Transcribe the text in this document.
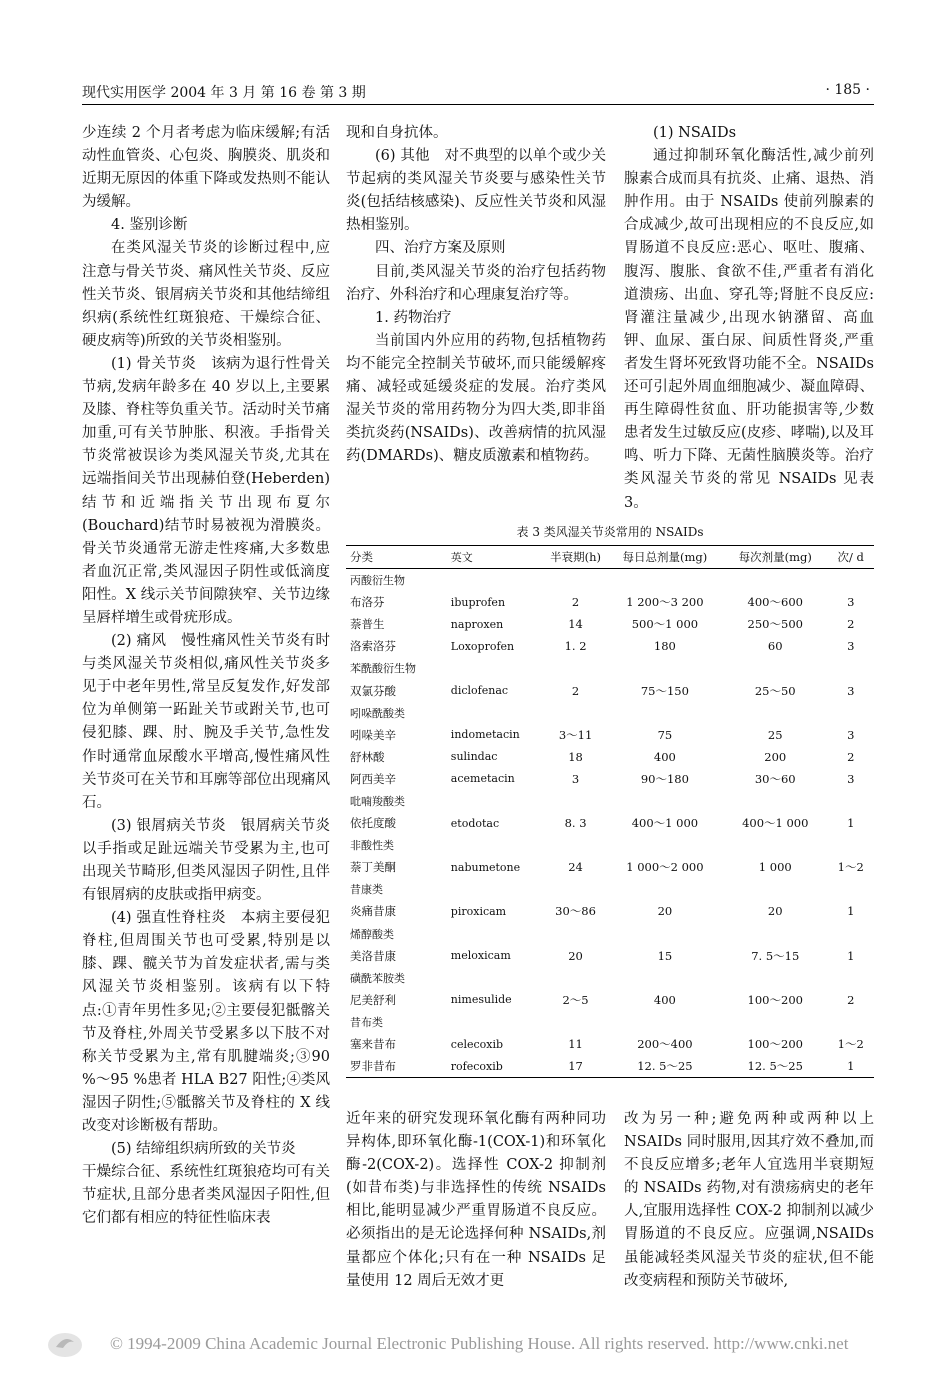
现代实用医学 2004 年 3 月 第 16 卷 第 3 期	· 185 ·

少连续 2 个月者考虑为临床缓解;有活动性血管炎、心包炎、胸膜炎、肌炎和近期无原因的体重下降或发热则不能认为缓解。

4. 鉴别诊断

在类风湿关节炎的诊断过程中,应注意与骨关节炎、痛风性关节炎、反应性关节炎、银屑病关节炎和其他结缔组织病(系统性红斑狼疮、干燥综合征、硬皮病等)所致的关节炎相鉴别。

(1) 骨关节炎　该病为退行性骨关节病,发病年龄多在 40 岁以上,主要累及膝、脊柱等负重关节。活动时关节痛加重,可有关节肿胀、积液。手指骨关节炎常被误诊为类风湿关节炎,尤其在远端指间关节出现赫伯登(Heberden)结节和近端指关节出现布夏尔(Bouchard)结节时易被视为滑膜炎。骨关节炎通常无游走性疼痛,大多数患者血沉正常,类风湿因子阴性或低滴度阳性。X 线示关节间隙狭窄、关节边缘呈唇样增生或骨疣形成。

(2) 痛风　慢性痛风性关节炎有时与类风湿关节炎相似,痛风性关节炎多见于中老年男性,常呈反复发作,好发部位为单侧第一跖趾关节或跗关节,也可侵犯膝、踝、肘、腕及手关节,急性发作时通常血尿酸水平增高,慢性痛风性关节炎可在关节和耳廓等部位出现痛风石。

(3) 银屑病关节炎　银屑病关节炎以手指或足趾远端关节受累为主,也可出现关节畸形,但类风湿因子阴性,且伴有银屑病的皮肤或指甲病变。

(4) 强直性脊柱炎　本病主要侵犯脊柱,但周围关节也可受累,特别是以膝、踝、髋关节为首发症状者,需与类风湿关节炎相鉴别。该病有以下特点:①青年男性多见;②主要侵犯骶髂关节及脊柱,外周关节受累多以下肢不对称关节受累为主,常有肌腱端炎;③90 %～95 %患者 HLA B27 阳性;④类风湿因子阴性;⑤骶髂关节及脊柱的 X 线改变对诊断极有帮助。

(5) 结缔组织病所致的关节炎

干燥综合征、系统性红斑狼疮均可有关节症状,且部分患者类风湿因子阳性,但它们都有相应的特征性临床表

现和自身抗体。

(6) 其他　对不典型的以单个或少关节起病的类风湿关节炎要与感染性关节炎(包括结核感染)、反应性关节炎和风湿热相鉴别。

四、治疗方案及原则

目前,类风湿关节炎的治疗包括药物治疗、外科治疗和心理康复治疗等。

1. 药物治疗

当前国内外应用的药物,包括植物药均不能完全控制关节破坏,而只能缓解疼痛、减轻或延缓炎症的发展。治疗类风湿关节炎的常用药物分为四大类,即非甾类抗炎药(NSAIDs)、改善病情的抗风湿药(DMARDs)、糖皮质激素和植物药。

(1) NSAIDs

通过抑制环氧化酶活性,减少前列腺素合成而具有抗炎、止痛、退热、消肿作用。由于 NSAIDs 使前列腺素的合成减少,故可出现相应的不良反应,如胃肠道不良反应:恶心、呕吐、腹痛、腹泻、腹胀、食欲不佳,严重者有消化道溃疡、出血、穿孔等;肾脏不良反应:肾灌注量减少,出现水钠潴留、高血钾、血尿、蛋白尿、间质性肾炎,严重者发生肾坏死致肾功能不全。NSAIDs 还可引起外周血细胞减少、凝血障碍、再生障碍性贫血、肝功能损害等,少数患者发生过敏反应(皮疹、哮喘),以及耳鸣、听力下降、无菌性脑膜炎等。治疗类风湿关节炎的常见 NSAIDs 见表 3。

表 3 类风湿关节炎常用的 NSAIDs
分类	英文	半衰期(h)	每日总剂量(mg)	每次剂量(mg)	次/ d
丙酸衍生物					
布洛芬	ibuprofen	2	1 200～3 200	400～600	3
萘普生	naproxen	14	500～1 000	250～500	2
洛索洛芬	Loxoprofen	1. 2	180	60	3
苯酰酸衍生物					
双氯芬酸	diclofenac	2	75～150	25～50	3
吲哚酰酸类					
吲哚美辛	indometacin	3～11	75	25	3
舒林酸	sulindac	18	400	200	2
阿西美辛	acemetacin	3	90～180	30～60	3
吡喃羧酸类					
依托度酸	etodotac	8. 3	400～1 000	400～1 000	1
非酸性类					
萘丁美酮	nabumetone	24	1 000～2 000	1 000	1～2
昔康类					
炎痛昔康	piroxicam	30～86	20	20	1
烯醇酸类					
美洛昔康	meloxicam	20	15	7. 5～15	1
磺酰苯胺类					
尼美舒利	nimesulide	2～5	400	100～200	2
昔布类					
塞来昔布	celecoxib	11	200～400	100～200	1～2
罗非昔布	rofecoxib	17	12. 5～25	12. 5～25	1

近年来的研究发现环氧化酶有两种同功异构体,即环氧化酶-1(COX-1)和环氧化酶-2(COX-2)。选择性 COX-2 抑制剂(如昔布类)与非选择性的传统 NSAIDs 相比,能明显减少严重胃肠道不良反应。必须指出的是无论选择何种 NSAIDs,剂量都应个体化;只有在一种 NSAIDs 足量使用 12 周后无效才更

改为另一种;避免两种或两种以上 NSAIDs 同时服用,因其疗效不叠加,而不良反应增多;老年人宜选用半衰期短的 NSAIDs 药物,对有溃疡病史的老年人,宜服用选择性 COX-2 抑制剂以减少胃肠道的不良反应。应强调,NSAIDs 虽能减轻类风湿关节炎的症状,但不能改变病程和预防关节破坏,

© 1994-2009 China Academic Journal Electronic Publishing House. All rights reserved. http://www.cnki.net
